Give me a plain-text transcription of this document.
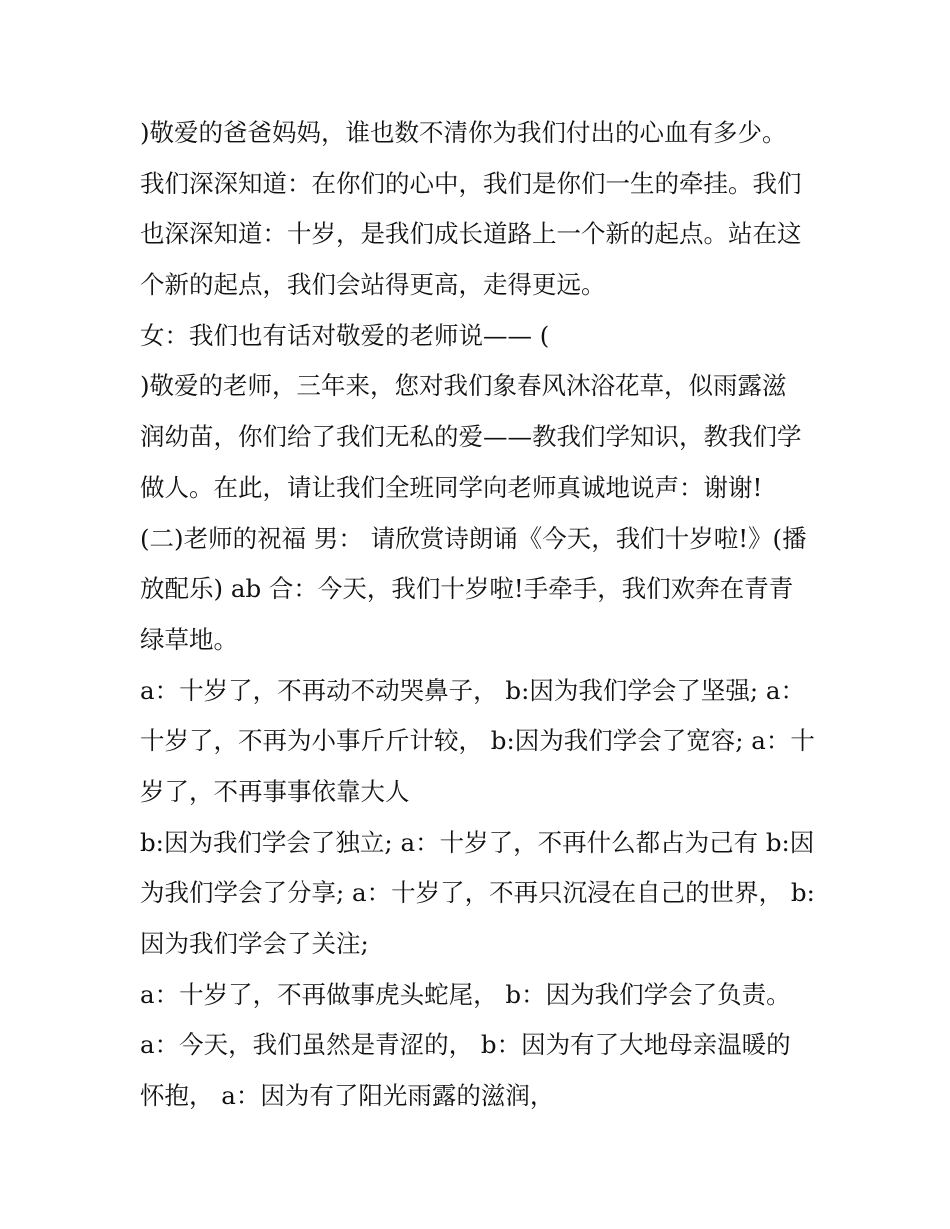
)敬爱的爸爸妈妈，谁也数不清你为我们付出的心血有多少。
我们深深知道：在你们的心中，我们是你们一生的牵挂。我们
也深深知道：十岁，是我们成长道路上一个新的起点。站在这
个新的起点，我们会站得更高，走得更远。
女：我们也有话对敬爱的老师说—— (
)敬爱的老师，三年来，您对我们象春风沐浴花草，似雨露滋
润幼苗，你们给了我们无私的爱——教我们学知识，教我们学
做人。在此，请让我们全班同学向老师真诚地说声：谢谢!
(二)老师的祝福 男： 请欣赏诗朗诵《今天，我们十岁啦!》(播
放配乐) ab 合：今天，我们十岁啦!手牵手，我们欢奔在青青
绿草地。
a：十岁了，不再动不动哭鼻子， b:因为我们学会了坚强; a：
十岁了，不再为小事斤斤计较， b:因为我们学会了宽容; a：十
岁了，不再事事依靠大人
b:因为我们学会了独立; a：十岁了，不再什么都占为己有 b:因
为我们学会了分享; a：十岁了，不再只沉浸在自己的世界， b:
因为我们学会了关注;
a：十岁了，不再做事虎头蛇尾， b：因为我们学会了负责。
a：今天，我们虽然是青涩的， b：因为有了大地母亲温暖的
怀抱， a：因为有了阳光雨露的滋润，
